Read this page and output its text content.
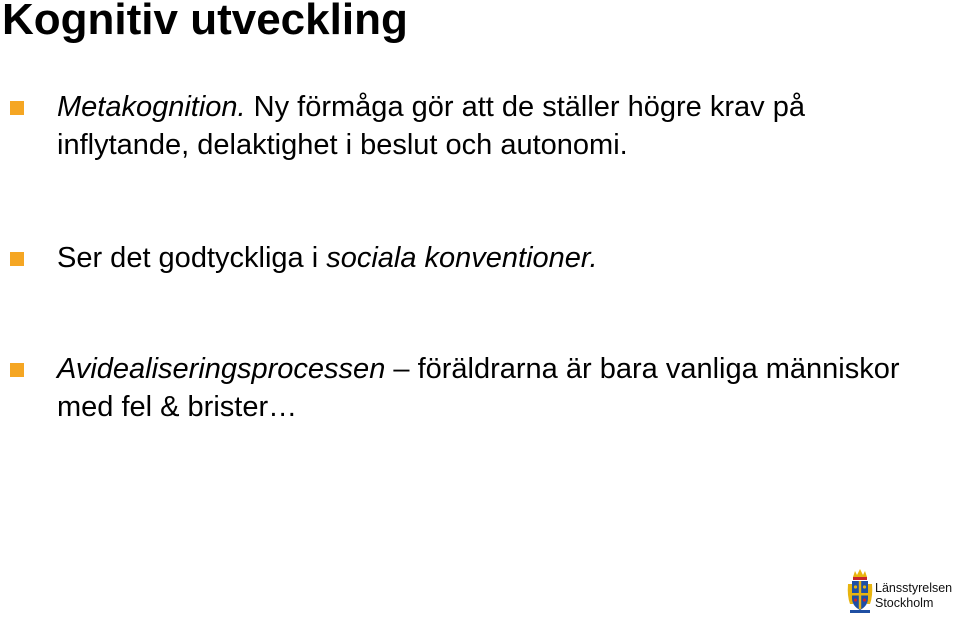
Kognitiv utveckling
Metakognition. Ny förmåga gör att de ställer högre krav på inflytande, delaktighet i beslut och autonomi.
Ser det godtyckliga i sociala konventioner.
Avidealiseringsprocessen – föräldrarna är bara vanliga människor med fel & brister…
Länsstyrelsen
Stockholm
